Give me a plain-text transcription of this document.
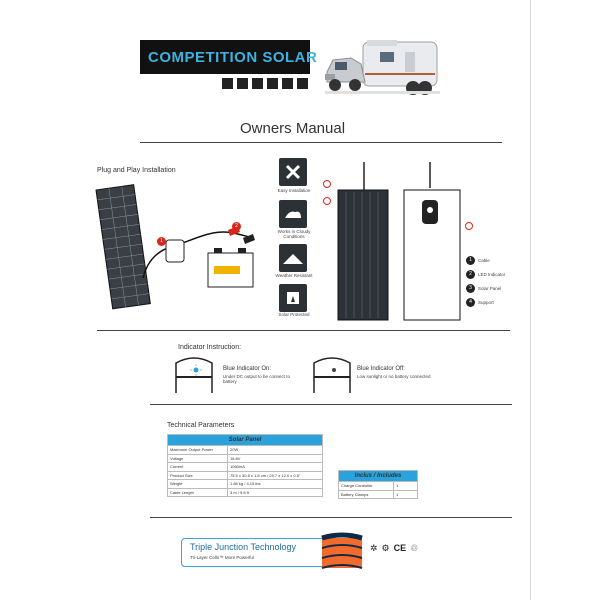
COMPETITION SOLAR
Owners Manual
Plug and Play Installation
1
2
Easy Installation
Works in Cloudy Conditions
Weather Resistant
Solar Protected
1	Cable
2	LED Indicator
3	Solar Panel
4	Support
Indicator Instruction:
Blue Indicator On:
Under DC output to be connect to battery
Blue Indicator Off:
Low sunlight or no battery connected
Technical Parameters
Solar Panel	
Maximum Output Power	20W
Voltage	18.8V
Current	1060mA
Product Size	75.5 x 30.5 x 1.8 cm / 29.7 x 12.0 x 0.6"
Weight	1.88 kg / 4.15 lbs
Cable Length	3 m / 9.8 ft
Inclus / Includes	
Charge Controller	1
Battery Clamps	1
Triple Junction Technology
Tri-Layer Cells™ More Powerful
✲ ⚙ CE ♲
